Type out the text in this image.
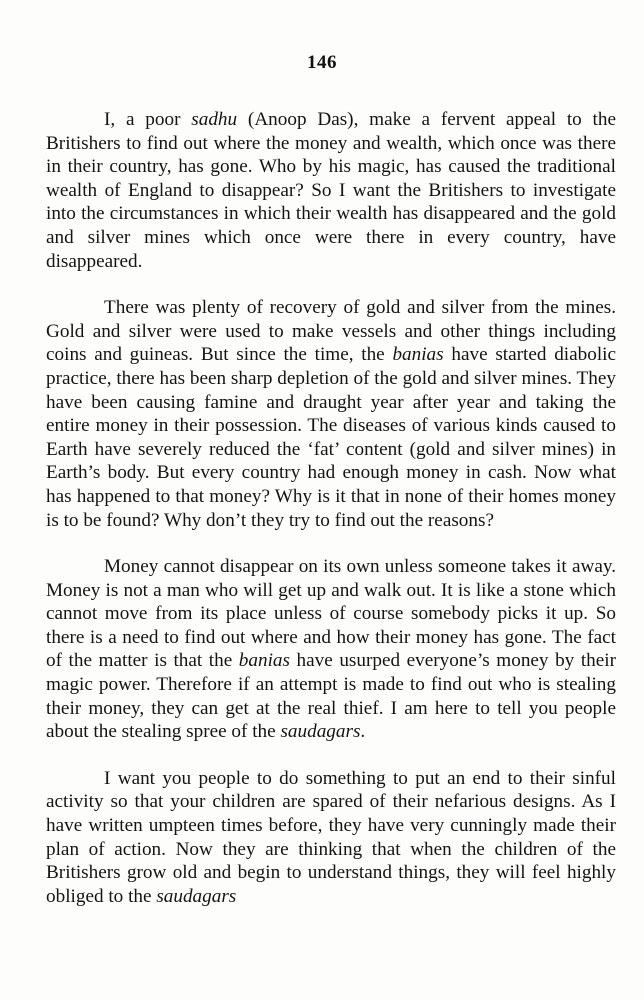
146

I, a poor sadhu (Anoop Das), make a fervent appeal to the Britishers to find out where the money and wealth, which once was there in their country, has gone. Who by his magic, has caused the traditional wealth of England to disappear? So I want the Britishers to investigate into the circumstances in which their wealth has disappeared and the gold and silver mines which once were there in every country, have disappeared.

There was plenty of recovery of gold and silver from the mines. Gold and silver were used to make vessels and other things including coins and guineas. But since the time, the banias have started diabolic practice, there has been sharp depletion of the gold and silver mines. They have been causing famine and draught year after year and taking the entire money in their possession. The diseases of various kinds caused to Earth have severely reduced the ‘fat’ content (gold and silver mines) in Earth’s body. But every country had enough money in cash. Now what has happened to that money? Why is it that in none of their homes money is to be found? Why don’t they try to find out the reasons?

Money cannot disappear on its own unless someone takes it away. Money is not a man who will get up and walk out. It is like a stone which cannot move from its place unless of course somebody picks it up. So there is a need to find out where and how their money has gone. The fact of the matter is that the banias have usurped everyone’s money by their magic power. Therefore if an attempt is made to find out who is stealing their money, they can get at the real thief. I am here to tell you people about the stealing spree of the saudagars.

I want you people to do something to put an end to their sinful activity so that your children are spared of their nefarious designs. As I have written umpteen times before, they have very cunningly made their plan of action. Now they are thinking that when the children of the Britishers grow old and begin to understand things, they will feel highly obliged to the saudagars
